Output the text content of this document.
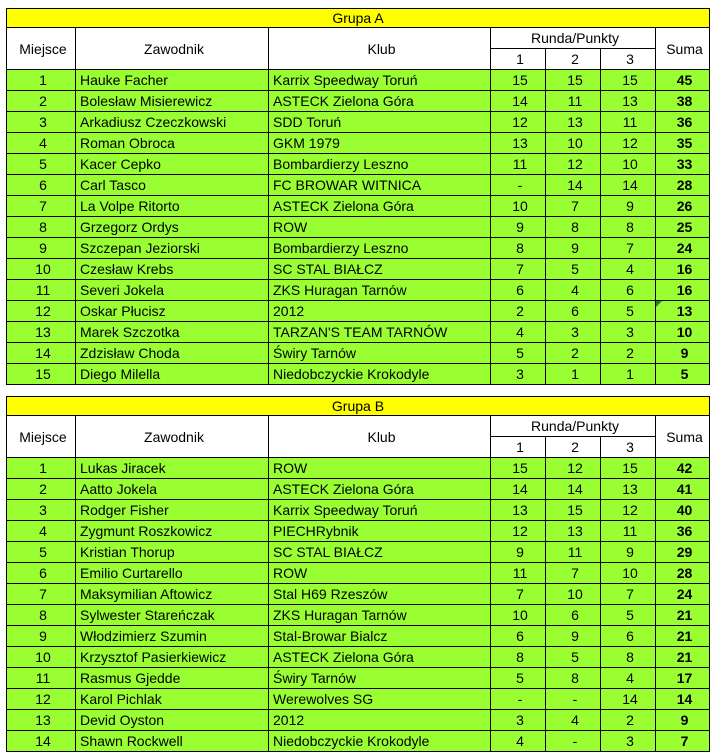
Grupa A						
Miejsce	Zawodnik	Klub	Runda/Punkty			Suma
			1	2	3	
1	Hauke Facher	Karrix Speedway Toruń	15	15	15	45
2	Bolesław Misierewicz	ASTECK Zielona Góra	14	11	13	38
3	Arkadiusz Czeczkowski	SDD Toruń	12	13	11	36
4	Roman Obroca	GKM 1979	13	10	12	35
5	Kacer Cepko	Bombardierzy Leszno	11	12	10	33
6	Carl Tasco	FC BROWAR WITNICA	-	14	14	28
7	La Volpe Ritorto	ASTECK Zielona Góra	10	7	9	26
8	Grzegorz Ordys	ROW	9	8	8	25
9	Szczepan Jeziorski	Bombardierzy Leszno	8	9	7	24
10	Czesław Krebs	SC STAL BIAŁCZ	7	5	4	16
11	Severi Jokela	ZKS Huragan Tarnów	6	4	6	16
12	Oskar Płucisz	2012	2	6	5	13
13	Marek Szczotka	TARZAN'S TEAM TARNÓW	4	3	3	10
14	Zdzisław Choda	Świry Tarnów	5	2	2	9
15	Diego Milella	Niedobczyckie Krokodyle	3	1	1	5
Grupa B						
Miejsce	Zawodnik	Klub	Runda/Punkty			Suma
			1	2	3	
1	Lukas Jiracek	ROW	15	12	15	42
2	Aatto Jokela	ASTECK Zielona Góra	14	14	13	41
3	Rodger Fisher	Karrix Speedway Toruń	13	15	12	40
4	Zygmunt Roszkowicz	PIECHRybnik	12	13	11	36
5	Kristian Thorup	SC STAL BIAŁCZ	9	11	9	29
6	Emilio Curtarello	ROW	11	7	10	28
7	Maksymilian Aftowicz	Stal H69 Rzeszów	7	10	7	24
8	Sylwester Stareńczak	ZKS Huragan Tarnów	10	6	5	21
9	Włodzimierz Szumin	Stal-Browar Bialcz	6	9	6	21
10	Krzysztof Pasierkiewicz	ASTECK Zielona Góra	8	5	8	21
11	Rasmus Gjedde	Świry Tarnów	5	8	4	17
12	Karol Pichlak	Werewolves SG	-	-	14	14
13	Devid Oyston	2012	3	4	2	9
14	Shawn Rockwell	Niedobczyckie Krokodyle	4	-	3	7
